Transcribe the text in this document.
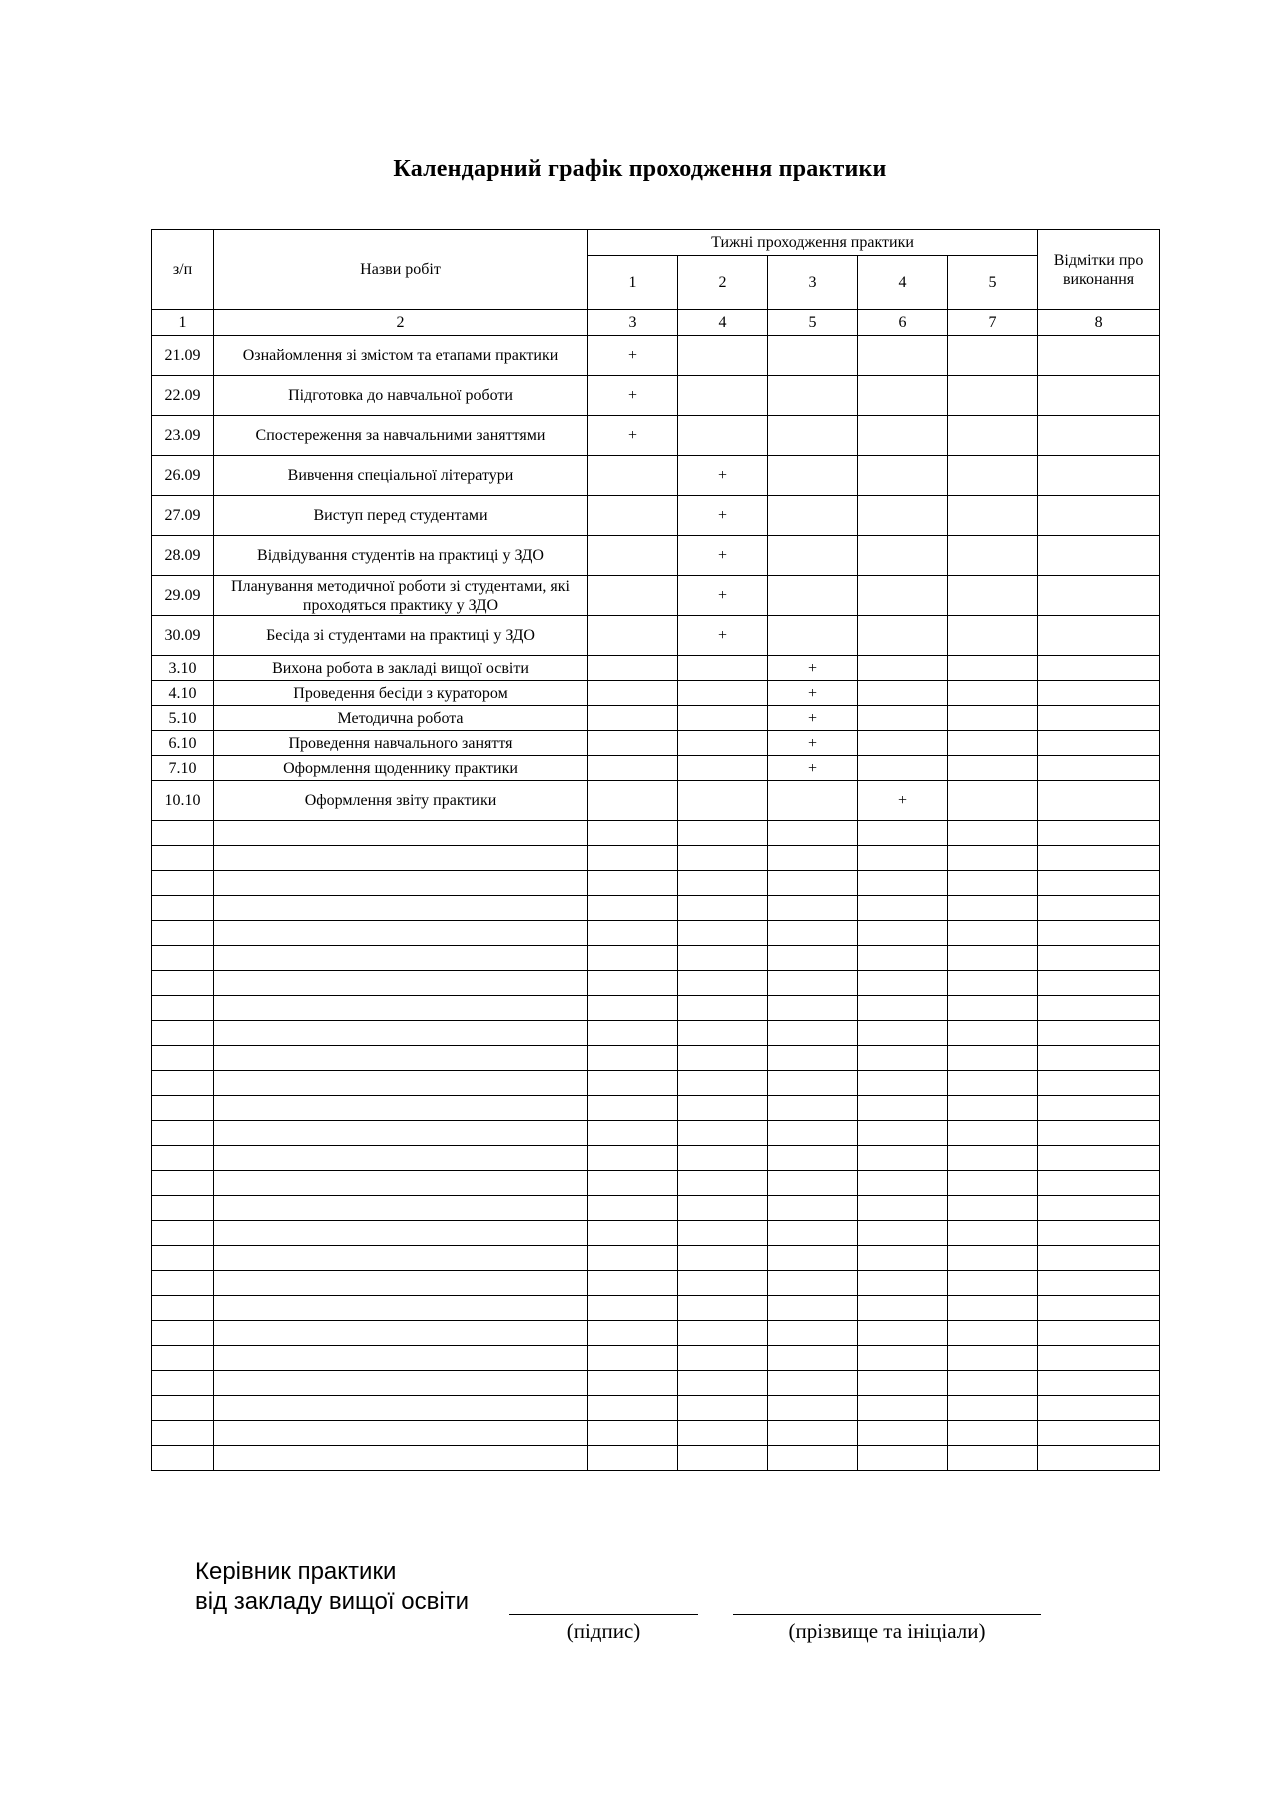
Календарний графік проходження практики
з/п	Назви робіт	Тижні проходження практики					Відмітки про виконання
		1	2	3	4	5	
1	2	3	4	5	6	7	8
21.09	Ознайомлення зі змістом та етапами практики	+					
22.09	Підготовка до навчальної роботи	+					
23.09	Спостереження за навчальними заняттями	+					
26.09	Вивчення спеціальної літератури		+				
27.09	Виступ перед студентами		+				
28.09	Відвідування студентів на практиці у ЗДО		+				
29.09	Планування методичної роботи зі студентами, які проходяться практику у ЗДО		+				
30.09	Бесіда зі студентами на практиці у ЗДО		+				
3.10	Вихона робота в закладі вищої освіти			+			
4.10	Проведення бесіди з куратором			+			
5.10	Методична робота			+			
6.10	Проведення навчального заняття			+			
7.10	Оформлення щоденнику практики			+			
10.10	Оформлення звіту практики				+		

Керівник практики
від закладу вищої освіти
(підпис)	(прізвище та ініціали)
